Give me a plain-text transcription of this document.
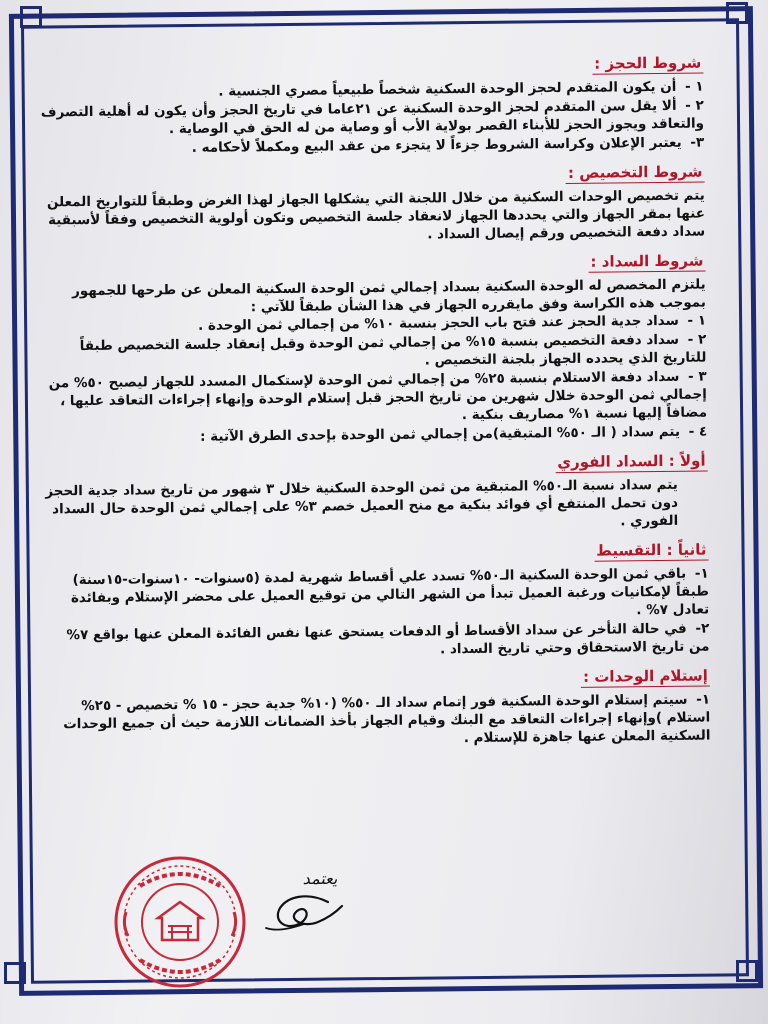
شروط الحجز :

١ - أن يكون المتقدم لحجز الوحدة السكنية شخصاً طبيعياً مصري الجنسية .

٢ - ألا يقل سن المتقدم لحجز الوحدة السكنية عن ٢١عاما في تاريخ الحجز وأن يكون له أهلية التصرف والتعاقد ويجوز الحجز للأبناء القصر بولاية الأب أو وصاية من له الحق في الوصاية .

٣- يعتبر الإعلان وكراسة الشروط جزءاً لا يتجزء من عقد البيع ومكملاً لأحكامه .

شروط التخصيص :

يتم تخصيص الوحدات السكنية من خلال اللجنة التي يشكلها الجهاز لهذا الغرض وطبقاً للتواريخ المعلن عنها بمقر الجهاز والتي يحددها الجهاز لانعقاد جلسة التخصيص وتكون أولوية التخصيص وفقاً لأسبقية سداد دفعة التخصيص ورقم إيصال السداد .

شروط السداد :

يلتزم المخصص له الوحدة السكنية بسداد إجمالي ثمن الوحدة السكنية المعلن عن طرحها للجمهور بموجب هذه الكراسة وفق مايقرره الجهاز في هذا الشأن طبقاً للآتي :

١ - سداد جدية الحجز عند فتح باب الحجز بنسبة ١٠% من إجمالي ثمن الوحدة .

٢ - سداد دفعة التخصيص بنسبة ١٥% من إجمالي ثمن الوحدة وقبل إنعقاد جلسة التخصيص طبقاً للتاريخ الذي يحدده الجهاز بلجنة التخصيص .

٣ - سداد دفعة الاستلام بنسبة ٢٥% من إجمالي ثمن الوحدة لإستكمال المسدد للجهاز ليصبح ٥٠% من إجمالي ثمن الوحدة خلال شهرين من تاريخ الحجز قبل إستلام الوحدة وإنهاء إجراءات التعاقد عليها ، مضافاً إليها نسبة ١% مصاريف بنكية .

٤ - يتم سداد ( الـ ٥٠% المتبقية)من إجمالي ثمن الوحدة بإحدى الطرق الآتية :

أولاً : السداد الفوري

يتم سداد نسبة الـ٥٠% المتبقية من ثمن الوحدة السكنية خلال ٣ شهور من تاريخ سداد جدية الحجز دون تحمل المنتفع أي فوائد بنكية مع منح العميل خصم ٣% على إجمالي ثمن الوحدة حال السداد الفوري .

ثانياً : التقسيط

١- باقي ثمن الوحدة السكنية الـ٥٠% تسدد علي أقساط شهرية لمدة (٥سنوات- ١٠سنوات-١٥سنة) طبقاً لإمكانيات ورغبة العميل تبدأ من الشهر التالي من توقيع العميل على محضر الإستلام وبفائدة تعادل ٧% .

٢- في حالة التأخر عن سداد الأقساط أو الدفعات يستحق عنها نفس الفائدة المعلن عنها بواقع ٧% من تاريخ الاستحقاق وحتي تاريخ السداد .

إستلام الوحدات :

١- سيتم إستلام الوحدة السكنية فور إتمام سداد الـ ٥٠% (١٠% جدية حجز - ١٥ % تخصيص - ٢٥% استلام )وإنهاء إجراءات التعاقد مع البنك وقيام الجهاز بأخذ الضمانات اللازمة حيث أن جميع الوحدات السكنية المعلن عنها جاهزة للإستلام .

يعتمد
